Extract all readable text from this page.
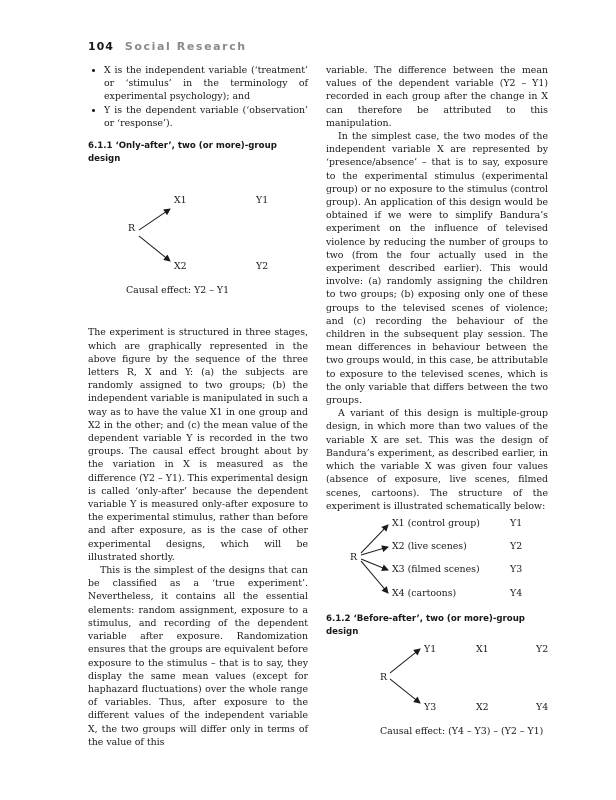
104 Social Research
• X is the independent variable (‘treatment’ or ‘stimulus’ in the terminology of experimental psychology); and
• Y is the dependent variable (‘observation’ or ‘response’).
6.1.1 ‘Only-after’, two (or more)-group design
R
X1	Y1
X2	Y2
Causal effect: Y2 – Y1

The experiment is structured in three stages, which are graphically represented in the above figure by the sequence of the three letters R, X and Y: (a) the subjects are randomly assigned to two groups; (b) the independent variable is manipulated in such a way as to have the value X1 in one group and X2 in the other; and (c) the mean value of the dependent variable Y is recorded in the two groups. The causal effect brought about by the variation in X is measured as the difference (Y2 – Y1). This experimental design is called ‘only-after’ because the dependent variable Y is measured only-after exposure to the experimental stimulus, rather than before and after exposure, as is the case of other experimental designs, which will be illustrated shortly.

This is the simplest of the designs that can be classified as a ‘true experiment’. Nevertheless, it contains all the essential elements: random assignment, exposure to a stimulus, and recording of the dependent variable after exposure. Randomization ensures that the groups are equivalent before exposure to the stimulus – that is to say, they display the same mean values (except for haphazard fluctuations) over the whole range of variables. Thus, after exposure to the different values of the independent variable X, the two groups will differ only in terms of the value of this

variable. The difference between the mean values of the dependent variable (Y2 – Y1) recorded in each group after the change in X can therefore be attributed to this manipulation.

In the simplest case, the two modes of the independent variable X are represented by ‘presence/absence’ – that is to say, exposure to the experimental stimulus (experimental group) or no exposure to the stimulus (control group). An application of this design would be obtained if we were to simplify Bandura’s experiment on the influence of televised violence by reducing the number of groups to two (from the four actually used in the experiment described earlier). This would involve: (a) randomly assigning the children to two groups; (b) exposing only one of these groups to the televised scenes of violence; and (c) recording the behaviour of the children in the subsequent play session. The mean differences in behaviour between the two groups would, in this case, be attributable to exposure to the televised scenes, which is the only variable that differs between the two groups.

A variant of this design is multiple-group design, in which more than two values of the variable X are set. This was the design of Bandura’s experiment, as described earlier, in which the variable X was given four values (absence of exposure, live scenes, filmed scenes, cartoons). The structure of the experiment is illustrated schematically below:

R
X1 (control group)	Y1
X2 (live scenes)	Y2
X3 (filmed scenes)	Y3
X4 (cartoons)	Y4
6.1.2 ‘Before-after’, two (or more)-group design
R
Y1	X1	Y2
Y3	X2	Y4
Causal effect: (Y4 – Y3) – (Y2 – Y1)
